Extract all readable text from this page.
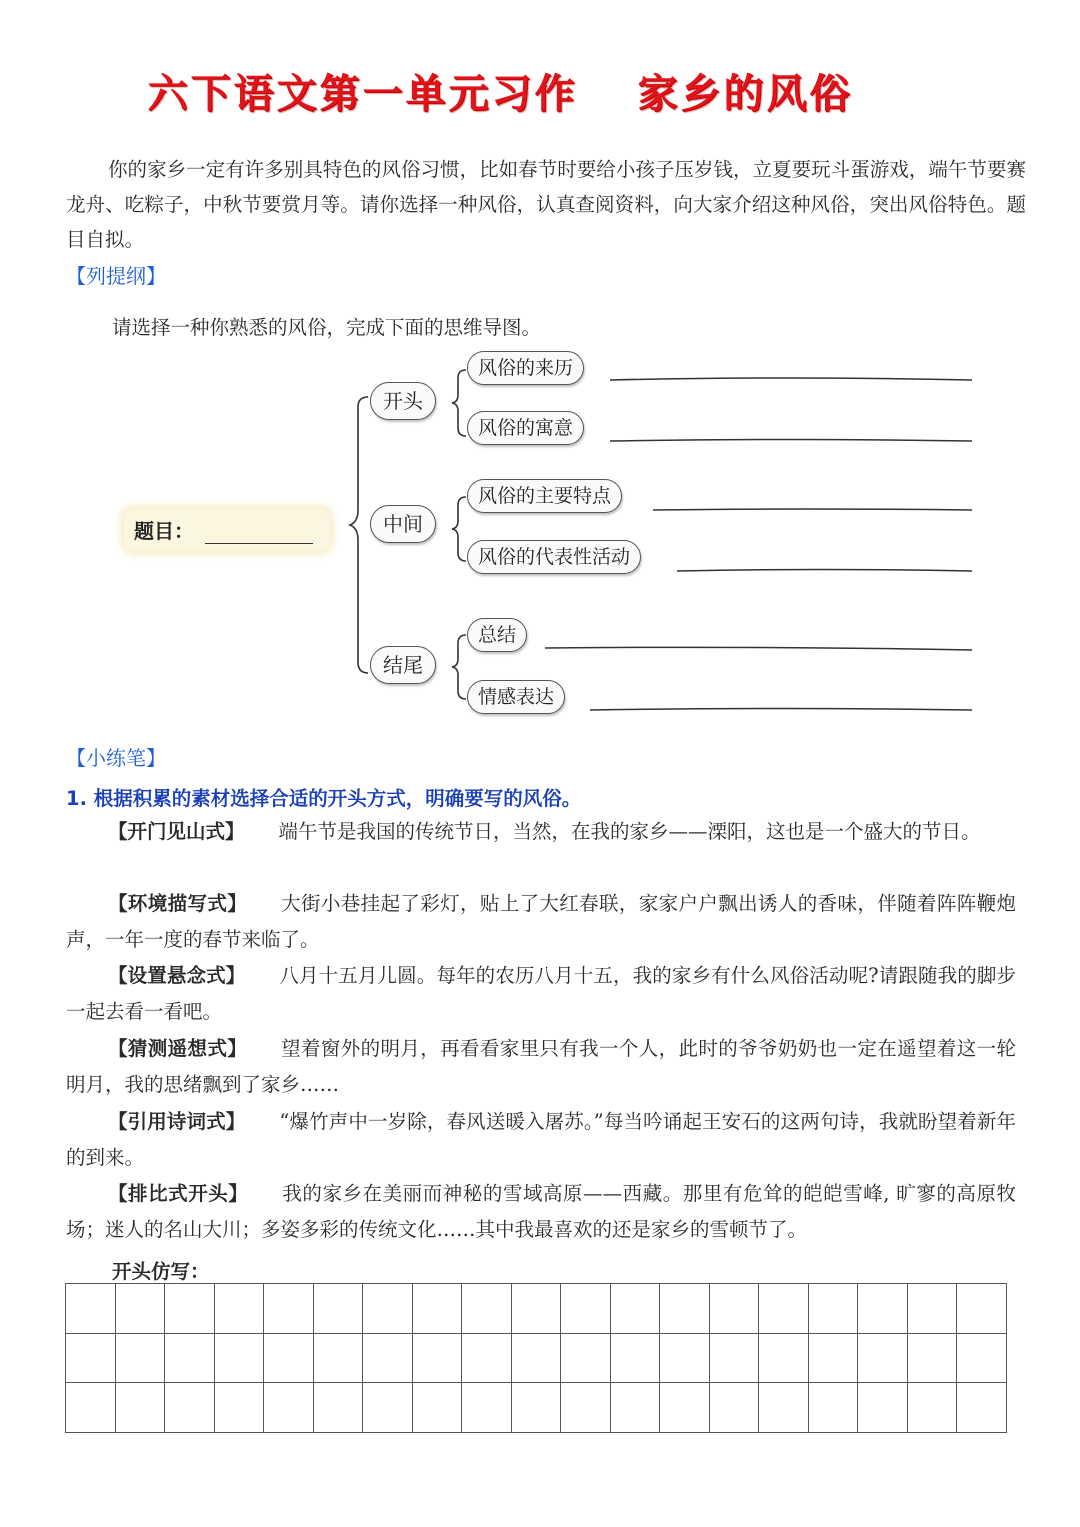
六下语文第一单元习作 家乡的风俗
你的家乡一定有许多别具特色的风俗习惯，比如春节时要给小孩子压岁钱，立夏要玩斗蛋游戏，端午节要赛龙舟、吃粽子，中秋节要赏月等。请你选择一种风俗，认真查阅资料，向大家介绍这种风俗，突出风俗特色。题目自拟。
【列提纲】
请选择一种你熟悉的风俗，完成下面的思维导图。
题目：
开头
中间
结尾
风俗的来历
风俗的寓意
风俗的主要特点
风俗的代表性活动
总结
情感表达
【小练笔】
1. 根据积累的素材选择合适的开头方式，明确要写的风俗。
【开门见山式】 端午节是我国的传统节日，当然，在我的家乡——溧阳，这也是一个盛大的节日。
【环境描写式】 大街小巷挂起了彩灯，贴上了大红春联，家家户户飘出诱人的香味，伴随着阵阵鞭炮声，一年一度的春节来临了。
【设置悬念式】 八月十五月儿圆。每年的农历八月十五，我的家乡有什么风俗活动呢?请跟随我的脚步一起去看一看吧。
【猜测遥想式】 望着窗外的明月，再看看家里只有我一个人，此时的爷爷奶奶也一定在遥望着这一轮明月，我的思绪飘到了家乡……
【引用诗词式】 “爆竹声中一岁除，春风送暖入屠苏。”每当吟诵起王安石的这两句诗，我就盼望着新年的到来。
【排比式开头】 我的家乡在美丽而神秘的雪域高原——西藏。那里有危耸的皑皑雪峰, 旷寥的高原牧场；迷人的名山大川；多姿多彩的传统文化……其中我最喜欢的还是家乡的雪顿节了。
开头仿写：
